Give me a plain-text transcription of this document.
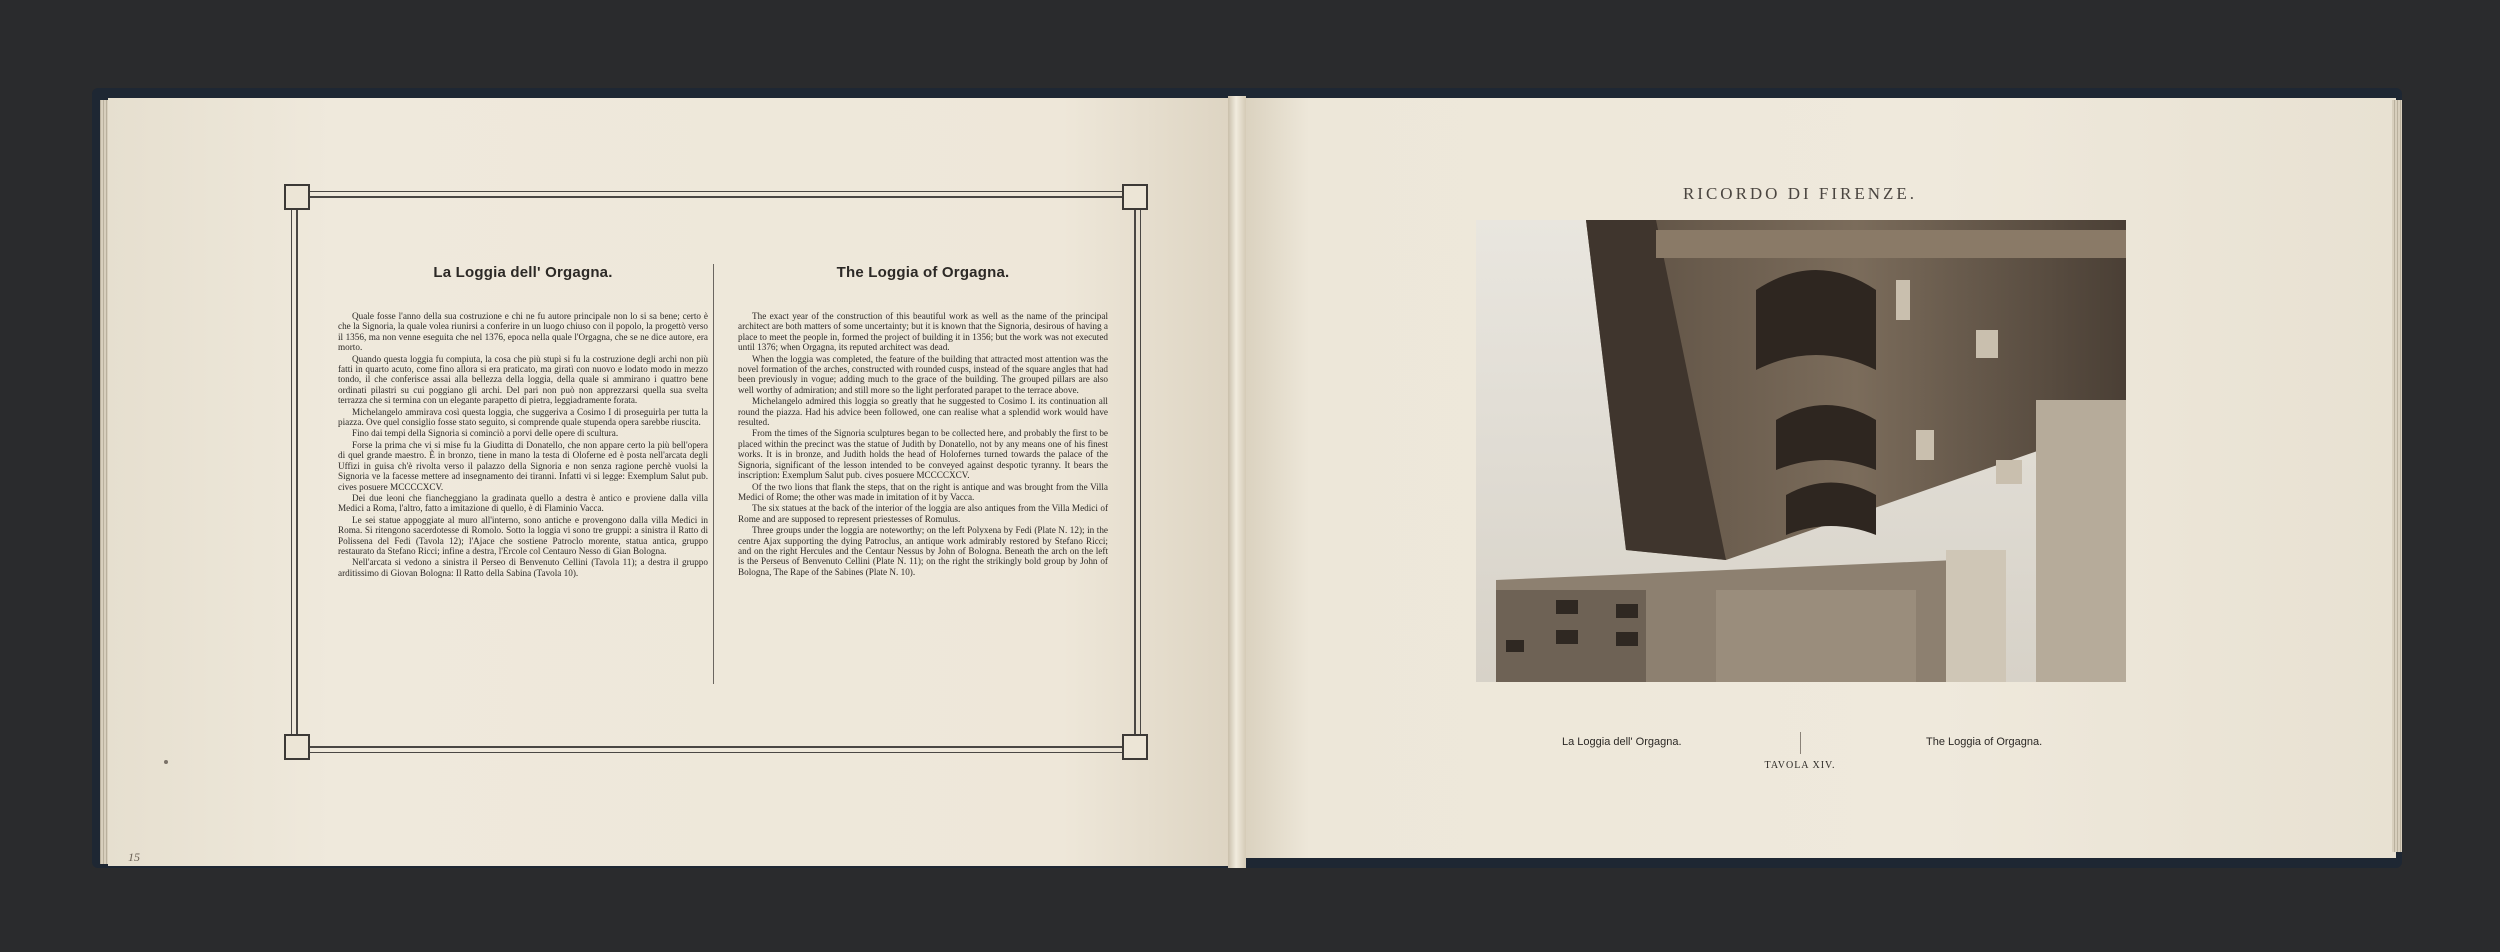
La Loggia dell' Orgagna.

Quale fosse l'anno della sua costruzione e chi ne fu autore principale non lo si sa bene; certo è che la Signoria, la quale volea riunirsi a conferire in un luogo chiuso con il popolo, la progettò verso il 1356, ma non venne eseguita che nel 1376, epoca nella quale l'Orgagna, che se ne dice autore, era morto.

Quando questa loggia fu compiuta, la cosa che più stupì si fu la costruzione degli archi non più fatti in quarto acuto, come fino allora si era praticato, ma giratì con nuovo e lodato modo in mezzo tondo, il che conferisce assai alla bellezza della loggia, della quale si ammirano i quattro bene ordinati pilastri su cui poggiano gli archi. Del pari non può non apprezzarsi quella sua svelta terrazza che si termina con un elegante parapetto di pietra, leggiadramente forata.

Michelangelo ammirava così questa loggia, che suggeriva a Cosimo I di proseguirla per tutta la piazza. Ove quel consiglio fosse stato seguito, si comprende quale stupenda opera sarebbe riuscita.

Fino dai tempi della Signoria si cominciò a porvi delle opere di scultura.

Forse la prima che vi si mise fu la Giuditta di Donatello, che non appare certo la più bell'opera di quel grande maestro. È in bronzo, tiene in mano la testa di Oloferne ed è posta nell'arcata degli Uffizi in guisa ch'è rivolta verso il palazzo della Signoria e non senza ragione perchè vuolsi la Signoria ve la facesse mettere ad insegnamento dei tiranni. Infatti vi si legge: Exemplum Salut pub. cives posuere MCCCCXCV.

Dei due leoni che fiancheggiano la gradinata quello a destra è antico e proviene dalla villa Medici a Roma, l'altro, fatto a imitazione di quello, è di Flaminio Vacca.

Le sei statue appoggiate al muro all'interno, sono antiche e provengono dalla villa Medici in Roma. Si ritengono sacerdotesse di Romolo. Sotto la loggia vi sono tre gruppi: a sinistra il Ratto di Polissena del Fedi (Tavola 12); l'Ajace che sostiene Patroclo morente, statua antica, gruppo restaurato da Stefano Ricci; infine a destra, l'Ercole col Centauro Nesso di Gian Bologna.

Nell'arcata si vedono a sinistra il Perseo di Benvenuto Cellini (Tavola 11); a destra il gruppo arditissimo di Giovan Bologna: Il Ratto della Sabina (Tavola 10).

The Loggia of Orgagna.

The exact year of the construction of this beautiful work as well as the name of the principal architect are both matters of some uncertainty; but it is known that the Signoria, desirous of having a place to meet the people in, formed the project of building it in 1356; but the work was not executed until 1376; when Orgagna, its reputed architect was dead.

When the loggia was completed, the feature of the building that attracted most attention was the novel formation of the arches, constructed with rounded cusps, instead of the square angles that had been previously in vogue; adding much to the grace of the building. The grouped pillars are also well worthy of admiration; and still more so the light perforated parapet to the terrace above.

Michelangelo admired this loggia so greatly that he suggested to Cosimo I. its continuation all round the piazza. Had his advice been followed, one can realise what a splendid work would have resulted.

From the times of the Signoria sculptures began to be collected here, and probably the first to be placed within the precinct was the statue of Judith by Donatello, not by any means one of his finest works. It is in bronze, and Judith holds the head of Holofernes turned towards the palace of the Signoria, significant of the lesson intended to be conveyed against despotic tyranny. It bears the inscription: Exemplum Salut pub. cives posuere MCCCCXCV.

Of the two lions that flank the steps, that on the right is antique and was brought from the Villa Medici of Rome; the other was made in imitation of it by Vacca.

The six statues at the back of the interior of the loggia are also antiques from the Villa Medici of Rome and are supposed to represent priestesses of Romulus.

Three groups under the loggia are noteworthy; on the left Polyxena by Fedi (Plate N. 12); in the centre Ajax supporting the dying Patroclus, an antique work admirably restored by Stefano Ricci; and on the right Hercules and the Centaur Nessus by John of Bologna. Beneath the arch on the left is the Perseus of Benvenuto Cellini (Plate N. 11); on the right the strikingly bold group by John of Bologna, The Rape of the Sabines (Plate N. 10).

15
RICORDO DI FIRENZE.
La Loggia dell' Orgagna.	The Loggia of Orgagna.
TAVOLA XIV.
